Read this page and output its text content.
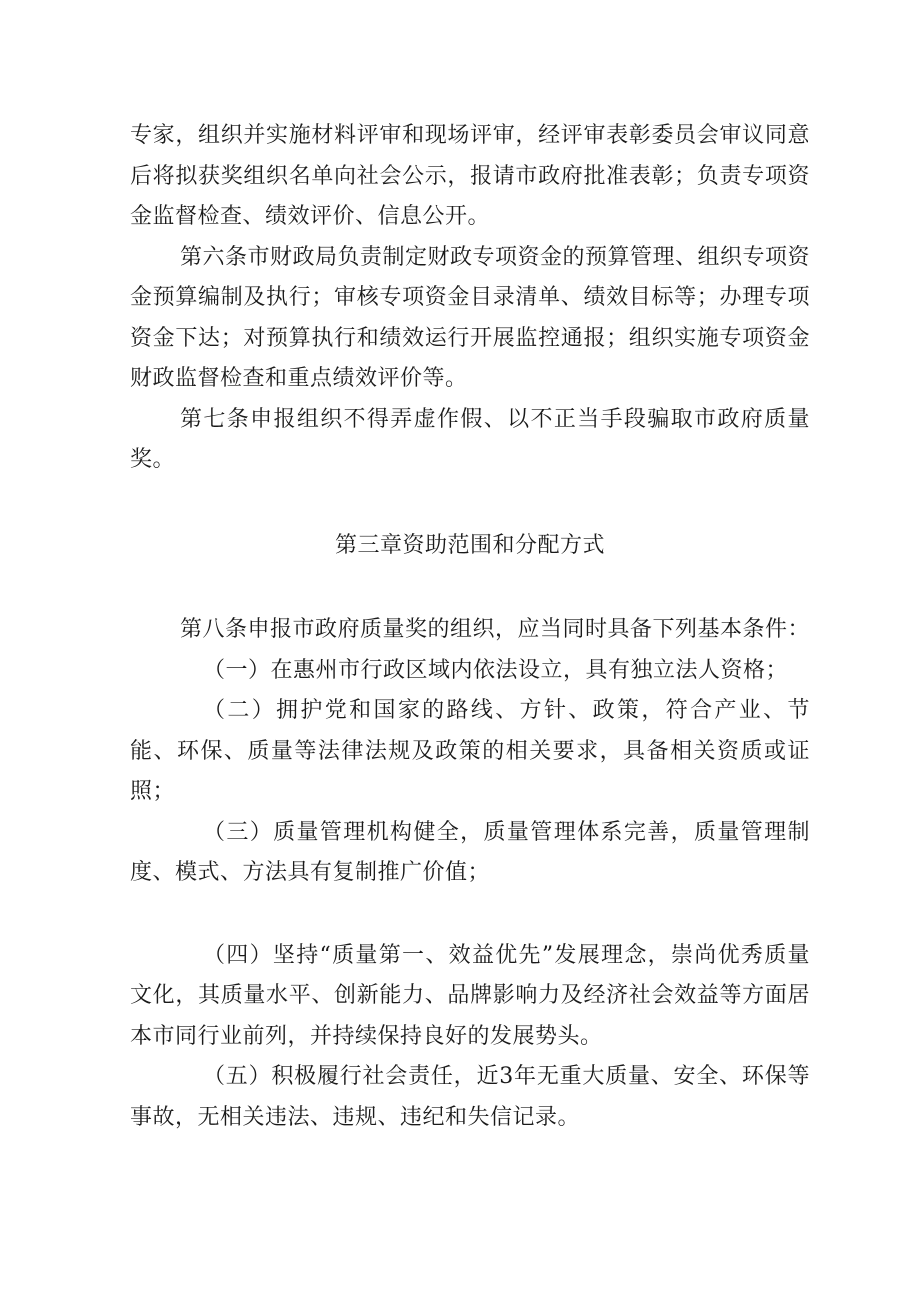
专家，组织并实施材料评审和现场评审，经评审表彰委员会审议同意后将拟获奖组织名单向社会公示，报请市政府批准表彰；负责专项资金监督检查、绩效评价、信息公开。

第六条市财政局负责制定财政专项资金的预算管理、组织专项资金预算编制及执行；审核专项资金目录清单、绩效目标等；办理专项资金下达；对预算执行和绩效运行开展监控通报；组织实施专项资金财政监督检查和重点绩效评价等。

第七条申报组织不得弄虚作假、以不正当手段骗取市政府质量奖。

第三章资助范围和分配方式

第八条申报市政府质量奖的组织，应当同时具备下列基本条件：

（一）在惠州市行政区域内依法设立，具有独立法人资格；

（二）拥护党和国家的路线、方针、政策，符合产业、节能、环保、质量等法律法规及政策的相关要求，具备相关资质或证照；

（三）质量管理机构健全，质量管理体系完善，质量管理制度、模式、方法具有复制推广价值；

（四）坚持“质量第一、效益优先”发展理念，崇尚优秀质量文化，其质量水平、创新能力、品牌影响力及经济社会效益等方面居本市同行业前列，并持续保持良好的发展势头。

（五）积极履行社会责任，近3年无重大质量、安全、环保等事故，无相关违法、违规、违纪和失信记录。
